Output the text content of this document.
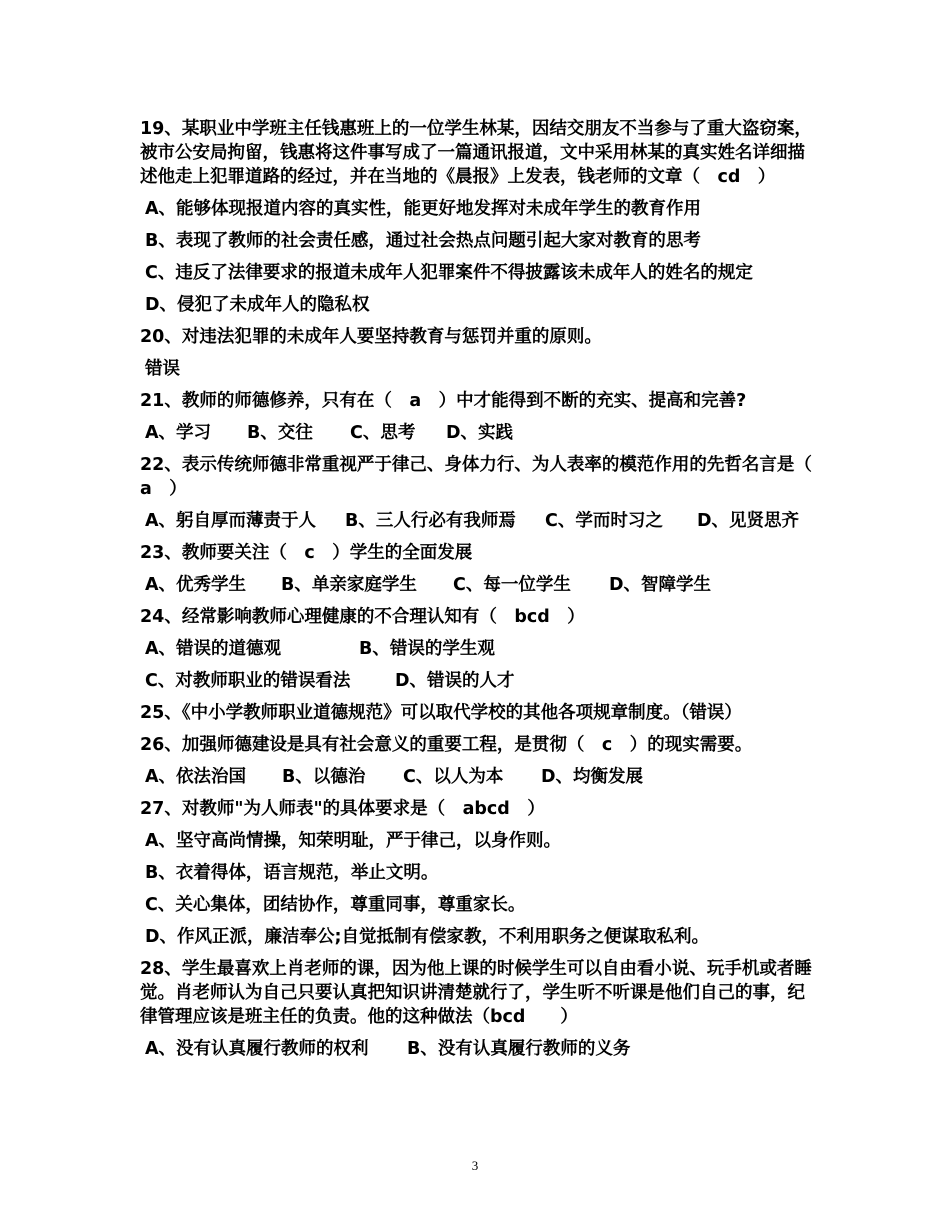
19、某职业中学班主任钱惠班上的一位学生林某，因结交朋友不当参与了重大盗窃案，被市公安局拘留，钱惠将这件事写成了一篇通讯报道，文中采用林某的真实姓名详细描述他走上犯罪道路的经过，并在当地的《晨报》上发表，钱老师的文章（　cd　）

A、能够体现报道内容的真实性，能更好地发挥对未成年学生的教育作用

B、表现了教师的社会责任感，通过社会热点问题引起大家对教育的思考

C、违反了法律要求的报道未成年人犯罪案件不得披露该未成年人的姓名的规定

D、侵犯了未成年人的隐私权

20、对违法犯罪的未成年人要坚持教育与惩罚并重的原则。

错误

21、教师的师德修养，只有在（　a　）中才能得到不断的充实、提高和完善?

A、学习	B、交往	C、思考	D、实践

22、表示传统师德非常重视严于律己、身体力行、为人表率的模范作用的先哲名言是（　a　）

A、躬自厚而薄责于人	B、三人行必有我师焉	C、学而时习之	D、见贤思齐

23、教师要关注（　c　）学生的全面发展

A、优秀学生	B、单亲家庭学生	C、每一位学生	D、智障学生

24、经常影响教师心理健康的不合理认知有（　bcd　）

A、错误的道德观	B、错误的学生观
C、对教师职业的错误看法	D、错误的人才

25、《中小学教师职业道德规范》可以取代学校的其他各项规章制度。（错误）

26、加强师德建设是具有社会意义的重要工程，是贯彻（　c　）的现实需要。

A、依法治国	B、以德治	C、以人为本	D、均衡发展

27、对教师"为人师表"的具体要求是（　abcd　）

A、坚守高尚情操，知荣明耻，严于律己，以身作则。

B、衣着得体，语言规范，举止文明。

C、关心集体，团结协作，尊重同事，尊重家长。

D、作风正派，廉洁奉公;自觉抵制有偿家教，不利用职务之便谋取私利。

28、学生最喜欢上肖老师的课，因为他上课的时候学生可以自由看小说、玩手机或者睡觉。肖老师认为自己只要认真把知识讲清楚就行了，学生听不听课是他们自己的事，纪律管理应该是班主任的负责。他的这种做法（bcd　　）

A、没有认真履行教师的权利	B、没有认真履行教师的义务
3
